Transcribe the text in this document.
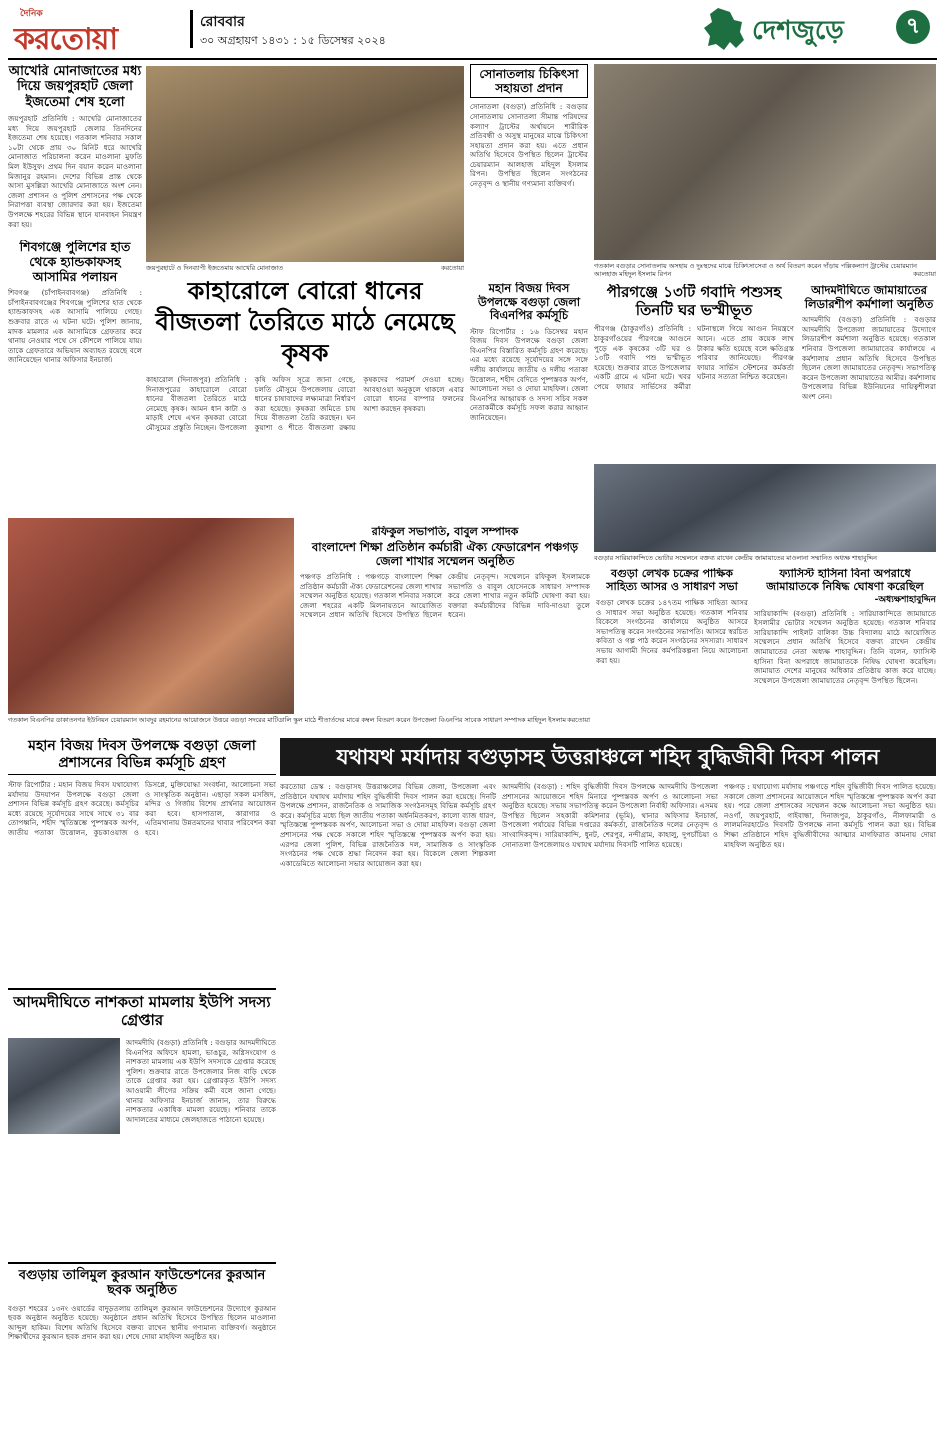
দৈনিক
করতোয়া	রোববার
৩০ অগ্রহায়ণ ১৪৩১ : ১৫ ডিসেম্বর ২০২৪	দেশজুড়ে	৭
আখেরি মোনাজাতের মধ্য দিয়ে জয়পুরহাট জেলা ইজতেমা শেষ হলো
জয়পুরহাট প্রতিনিধি : আখেরি মোনাজাতের মধ্য দিয়ে জয়পুরহাট জেলার তিনদিনের ইজতেমা শেষ হয়েছে। গতকাল শনিবার সকাল ১০টা থেকে প্রায় ৩০ মিনিট ধরে আখেরি মোনাজাত পরিচালনা করেন মাওলানা মুফতি মিল ইউসুফ। প্রথম দিন বয়ান করেন মাওলানা মিজানুর রহমান। দেশের বিভিন্ন প্রান্ত থেকে আসা মুসল্লিরা আখেরি মোনাজাতে অংশ নেন। জেলা প্রশাসন ও পুলিশ প্রশাসনের পক্ষ থেকে নিরাপত্তা ব্যবস্থা জোরদার করা হয়। ইজতেমা উপলক্ষে শহরের বিভিন্ন স্থানে যানবাহন নিয়ন্ত্রণ করা হয়।
জয়পুরহাটে ও দিনব্যাপী ইজতেমায় আখেরি মোনাজাত	করতোয়া
সোনাতলায় চিকিৎসা সহায়তা প্রদান
সোনাতলা (বগুড়া) প্রতিনিধি : বগুড়ার সোনাতলায় সোনাতলা সীমান্ত পরিষদের কল্যাণ ট্রাস্টের অর্থায়নে শারীরিক প্রতিবন্ধী ও অসুস্থ মানুষের মাঝে চিকিৎসা সহায়তা প্রদান করা হয়। এতে প্রধান অতিথি হিসেবে উপস্থিত ছিলেন ট্রাস্টের চেয়ারম্যান আলহাজ মহিদুল ইসলাম রিপন। উপস্থিত ছিলেন সংগঠনের নেতৃবৃন্দ ও স্থানীয় গণ্যমান্য ব্যক্তিবর্গ।
গতকাল বগুড়ার সোনাতলায় অসহায় ও দুঃস্থদের মাঝে চিকিৎসাসেবা ও অর্থ বিতরণ করেন দাঁড়ায় পল্লিকল্যাণ ট্রাস্টের চেয়ারম্যান আলহাজ মহিদুল ইসলাম রিপন	করতোয়া
শিবগঞ্জে পুলিশের হাত থেকে হ্যান্ডকাফসহ আসামির পলায়ন
শিবগঞ্জ (চাঁপাইনবাবগঞ্জ) প্রতিনিধি : চাঁপাইনবাবগঞ্জের শিবগঞ্জে পুলিশের হাত থেকে হ্যান্ডকাফসহ এক আসামি পালিয়ে গেছে। শুক্রবার রাতে এ ঘটনা ঘটে। পুলিশ জানায়, মাদক মামলার এক আসামিকে গ্রেফতার করে থানায় নেওয়ার পথে সে কৌশলে পালিয়ে যায়। তাকে গ্রেফতারে অভিযান অব্যাহত রয়েছে বলে জানিয়েছেন থানার অফিসার ইনচার্জ।
কাহারোলে বোরো ধানের বীজতলা তৈরিতে মাঠে নেমেছে কৃষক
কাহারোল (দিনাজপুর) প্রতিনিধি : দিনাজপুরের কাহারোলে বোরো ধানের বীজতলা তৈরিতে মাঠে নেমেছে কৃষক। আমন ধান কাটা ও মাড়াই শেষে এখন কৃষকরা বোরো মৌসুমের প্রস্তুতি নিচ্ছেন। উপজেলা কৃষি অফিস সূত্রে জানা গেছে, চলতি মৌসুমে উপজেলায় বোরো ধানের চাষাবাদের লক্ষ্যমাত্রা নির্ধারণ করা হয়েছে। কৃষকরা জমিতে চাষ দিয়ে বীজতলা তৈরি করছেন। ঘন কুয়াশা ও শীতে বীজতলা রক্ষায় কৃষকদের পরামর্শ দেওয়া হচ্ছে। আবহাওয়া অনুকূলে থাকলে এবার বোরো ধানের বাম্পার ফলনের আশা করছেন কৃষকরা।
মহান বিজয় দিবস উপলক্ষে বগুড়া জেলা বিএনপির কর্মসূচি
স্টাফ রিপোর্টার : ১৬ ডিসেম্বর মহান বিজয় দিবস উপলক্ষে বগুড়া জেলা বিএনপির বিস্তারিত কর্মসূচি গ্রহণ করেছে। এর মধ্যে রয়েছে সূর্যোদয়ের সঙ্গে সঙ্গে দলীয় কার্যালয়ে জাতীয় ও দলীয় পতাকা উত্তোলন, শহীদ বেদিতে পুষ্পস্তবক অর্পণ, আলোচনা সভা ও দোয়া মাহফিল। জেলা বিএনপির আহ্বায়ক ও সদস্য সচিব সকল নেতাকর্মীকে কর্মসূচি সফল করার আহ্বান জানিয়েছেন।
পীরগঞ্জে ১৩টি গবাদি পশুসহ তিনটি ঘর ভস্মীভূত
পীরগঞ্জ (ঠাকুরগাঁও) প্রতিনিধি : ঠাকুরগাঁওয়ের পীরগঞ্জে আগুনে পুড়ে এক কৃষকের ৩টি ঘর ও ১৩টি গবাদি পশু ভস্মীভূত হয়েছে। শুক্রবার রাতে উপজেলার একটি গ্রামে এ ঘটনা ঘটে। খবর পেয়ে ফায়ার সার্ভিসের কর্মীরা ঘটনাস্থলে গিয়ে আগুন নিয়ন্ত্রণে আনে। এতে প্রায় কয়েক লাখ টাকার ক্ষতি হয়েছে বলে ক্ষতিগ্রস্ত পরিবার জানিয়েছে। পীরগঞ্জ ফায়ার সার্ভিস স্টেশনের কর্মকর্তা ঘটনার সত্যতা নিশ্চিত করেছেন।
আদমদীঘিতে জামায়াতের লিডারশীপ কর্মশালা অনুষ্ঠিত
আদমদীঘি (বগুড়া) প্রতিনিধি : বগুড়ার আদমদীঘি উপজেলা জামায়াতের উদ্যোগে লিডারশীপ কর্মশালা অনুষ্ঠিত হয়েছে। গতকাল শনিবার উপজেলা জামায়াতের কার্যালয়ে এ কর্মশালায় প্রধান অতিথি হিসেবে উপস্থিত ছিলেন জেলা জামায়াতের নেতৃবৃন্দ। সভাপতিত্ব করেন উপজেলা জামায়াতের আমীর। কর্মশালায় উপজেলার বিভিন্ন ইউনিয়নের দায়িত্বশীলরা অংশ নেন।
বগুড়ার সারিয়াকান্দিতে ভোটার সম্মেলনে বক্তব্য রাখেন কেন্দ্রীয় জামায়াতের মাওলানা সম্মানিত অধ্যক্ষ শাহাবুদ্দিন
রফিকুল সভাপতি, বাবুল সম্পাদক
বাংলাদেশ শিক্ষা প্রতিষ্ঠান কর্মচারী ঐক্য ফেডারেশন পঞ্চগড় জেলা শাখার সম্মেলন অনুষ্ঠিত
পঞ্চগড় প্রতিনিধি : পঞ্চগড়ে বাংলাদেশ শিক্ষা প্রতিষ্ঠান কর্মচারী ঐক্য ফেডারেশনের জেলা শাখার সম্মেলন অনুষ্ঠিত হয়েছে। গতকাল শনিবার সকালে জেলা শহরের একটি মিলনায়তনে আয়োজিত সম্মেলনে প্রধান অতিথি হিসেবে উপস্থিত ছিলেন কেন্দ্রীয় নেতৃবৃন্দ। সম্মেলনে রফিকুল ইসলামকে সভাপতি ও বাবুল হোসেনকে সাধারণ সম্পাদক করে জেলা শাখার নতুন কমিটি ঘোষণা করা হয়। বক্তারা কর্মচারীদের বিভিন্ন দাবি-দাওয়া তুলে ধরেন।
গতকাল বিএনপির ডাকাতনগর ইউনিয়ন চেয়ারম্যান আবদুর রহমানের আয়োজনে উত্তরে বগুড়া সদরের মাটিডালি স্কুল মাঠে শীতার্তদের মাঝে কম্বল বিতরণ করেন উপজেলা বিএনপির সাবেক সাধারণ সম্পাদক মাহিদুল ইসলাম করতোয়া
বগুড়া লেখক চক্রের পাক্ষিক সাহিত্য আসর ও সাধারণ সভা
বগুড়া লেখক চক্রের ১৪৭তম পাক্ষিক সাহিত্য আসর ও সাধারণ সভা অনুষ্ঠিত হয়েছে। গতকাল শনিবার বিকেলে সংগঠনের কার্যালয়ে অনুষ্ঠিত আসরে সভাপতিত্ব করেন সংগঠনের সভাপতি। আসরে স্বরচিত কবিতা ও গল্প পাঠ করেন সংগঠনের সদস্যরা। সাধারণ সভায় আগামী দিনের কর্মপরিকল্পনা নিয়ে আলোচনা করা হয়।
ফ্যাসিস্ট হাসিনা বিনা অপরাধে জামায়াতকে নিষিদ্ধ ঘোষণা করেছিল
-অধ্যক্ষশাহাবুদ্দিন
সারিয়াকান্দি (বগুড়া) প্রতিনিধি : সারিয়াকান্দিতে জামায়াতে ইসলামীর ভোটার সম্মেলন অনুষ্ঠিত হয়েছে। গতকাল শনিবার সারিয়াকান্দি পাইলট বালিকা উচ্চ বিদ্যালয় মাঠে আয়োজিত সম্মেলনে প্রধান অতিথি হিসেবে বক্তব্য রাখেন কেন্দ্রীয় জামায়াতের নেতা অধ্যক্ষ শাহাবুদ্দিন। তিনি বলেন, ফ্যাসিস্ট হাসিনা বিনা অপরাধে জামায়াতকে নিষিদ্ধ ঘোষণা করেছিল। জামায়াত দেশের মানুষের অধিকার প্রতিষ্ঠায় কাজ করে যাচ্ছে। সম্মেলনে উপজেলা জামায়াতের নেতৃবৃন্দ উপস্থিত ছিলেন।
মহান বিজয় দিবস উপলক্ষে বগুড়া জেলা প্রশাসনের বিভিন্ন কর্মসূচি গ্রহণ
স্টাফ রিপোর্টার : মহান বিজয় দিবস যথাযোগ্য মর্যাদায় উদযাপন উপলক্ষে বগুড়া জেলা প্রশাসন বিভিন্ন কর্মসূচি গ্রহণ করেছে। কর্মসূচির মধ্যে রয়েছে সূর্যোদয়ের সাথে সাথে ৩১ বার তোপধ্বনি, শহীদ স্মৃতিস্তম্ভে পুষ্পস্তবক অর্পণ, জাতীয় পতাকা উত্তোলন, কুচকাওয়াজ ও ডিসপ্লে, মুক্তিযোদ্ধা সংবর্ধনা, আলোচনা সভা ও সাংস্কৃতিক অনুষ্ঠান। এছাড়া সকল মসজিদ, মন্দির ও গির্জায় বিশেষ প্রার্থনার আয়োজন করা হবে। হাসপাতাল, কারাগার ও এতিমখানায় উন্নতমানের খাবার পরিবেশন করা হবে।
যথাযথ মর্যাদায় বগুড়াসহ উত্তরাঞ্চলে শহিদ বুদ্ধিজীবী দিবস পালন
করতোয়া ডেস্ক : বগুড়াসহ উত্তরাঞ্চলের বিভিন্ন জেলা, উপজেলা এবং প্রতিষ্ঠানে যথাযথ মর্যাদায় শহিদ বুদ্ধিজীবী দিবস পালন করা হয়েছে। দিনটি উপলক্ষে প্রশাসন, রাজনৈতিক ও সামাজিক সংগঠনসমূহ বিভিন্ন কর্মসূচি গ্রহণ করে। কর্মসূচির মধ্যে ছিল জাতীয় পতাকা অর্ধনমিতকরণ, কালো ব্যাজ ধারণ, স্মৃতিস্তম্ভে পুষ্পস্তবক অর্পণ, আলোচনা সভা ও দোয়া মাহফিল। বগুড়া জেলা প্রশাসনের পক্ষ থেকে সকালে শহিদ স্মৃতিস্তম্ভে পুষ্পস্তবক অর্পণ করা হয়। এরপর জেলা পুলিশ, বিভিন্ন রাজনৈতিক দল, সামাজিক ও সাংস্কৃতিক সংগঠনের পক্ষ থেকে শ্রদ্ধা নিবেদন করা হয়। বিকেলে জেলা শিল্পকলা একাডেমিতে আলোচনা সভার আয়োজন করা হয়।
আদমদীঘি (বগুড়া) : শহিদ বুদ্ধিজীবী দিবস উপলক্ষে আদমদীঘি উপজেলা প্রশাসনের আয়োজনে শহিদ মিনারে পুষ্পস্তবক অর্পণ ও আলোচনা সভা অনুষ্ঠিত হয়েছে। সভায় সভাপতিত্ব করেন উপজেলা নির্বাহী অফিসার। এসময় উপস্থিত ছিলেন সহকারী কমিশনার (ভূমি), থানার অফিসার ইনচার্জ, উপজেলা পর্যায়ের বিভিন্ন দপ্তরের কর্মকর্তা, রাজনৈতিক দলের নেতৃবৃন্দ ও সাংবাদিকবৃন্দ। সারিয়াকান্দি, ধুনট, শেরপুর, নন্দীগ্রাম, কাহালু, দুপচাঁচিয়া ও সোনাতলা উপজেলায়ও যথাযথ মর্যাদায় দিবসটি পালিত হয়েছে।
পঞ্চগড় : যথাযোগ্য মর্যাদায় পঞ্চগড়ে শহিদ বুদ্ধিজীবী দিবস পালিত হয়েছে। সকালে জেলা প্রশাসনের আয়োজনে শহিদ স্মৃতিস্তম্ভে পুষ্পস্তবক অর্পণ করা হয়। পরে জেলা প্রশাসকের সম্মেলন কক্ষে আলোচনা সভা অনুষ্ঠিত হয়। নওগাঁ, জয়পুরহাট, গাইবান্ধা, দিনাজপুর, ঠাকুরগাঁও, নীলফামারী ও লালমনিরহাটেও দিবসটি উপলক্ষে নানা কর্মসূচি পালন করা হয়। বিভিন্ন শিক্ষা প্রতিষ্ঠানে শহিদ বুদ্ধিজীবীদের আত্মার মাগফিরাত কামনায় দোয়া মাহফিল অনুষ্ঠিত হয়।
আদমদীঘিতে নাশকতা মামলায় ইউপি সদস্য গ্রেপ্তার
আদমদীঘি (বগুড়া) প্রতিনিধি : বগুড়ার আদমদীঘিতে বিএনপির অফিসে হামলা, ভাঙচুর, অগ্নিসংযোগ ও নাশকতা মামলায় এক ইউপি সদস্যকে গ্রেপ্তার করেছে পুলিশ। শুক্রবার রাতে উপজেলার নিজ বাড়ি থেকে তাকে গ্রেপ্তার করা হয়। গ্রেপ্তারকৃত ইউপি সদস্য আওয়ামী লীগের সক্রিয় কর্মী বলে জানা গেছে। থানার অফিসার ইনচার্জ জানান, তার বিরুদ্ধে নাশকতার একাধিক মামলা রয়েছে। শনিবার তাকে আদালতের মাধ্যমে জেলহাজতে পাঠানো হয়েছে।
বগুড়ায় তালিমুল কুরআন ফাউন্ডেশনের কুরআন ছবক অনুষ্ঠিত
বগুড়া শহরের ১৩নং ওয়ার্ডের বাদুড়তলায় তালিমুল কুরআন ফাউন্ডেশনের উদ্যোগে কুরআন ছবক অনুষ্ঠান অনুষ্ঠিত হয়েছে। অনুষ্ঠানে প্রধান অতিথি হিসেবে উপস্থিত ছিলেন মাওলানা আব্দুল হাকিম। বিশেষ অতিথি হিসেবে বক্তব্য রাখেন স্থানীয় গণ্যমান্য ব্যক্তিবর্গ। অনুষ্ঠানে শিক্ষার্থীদের কুরআন ছবক প্রদান করা হয়। শেষে দোয়া মাহফিল অনুষ্ঠিত হয়।
